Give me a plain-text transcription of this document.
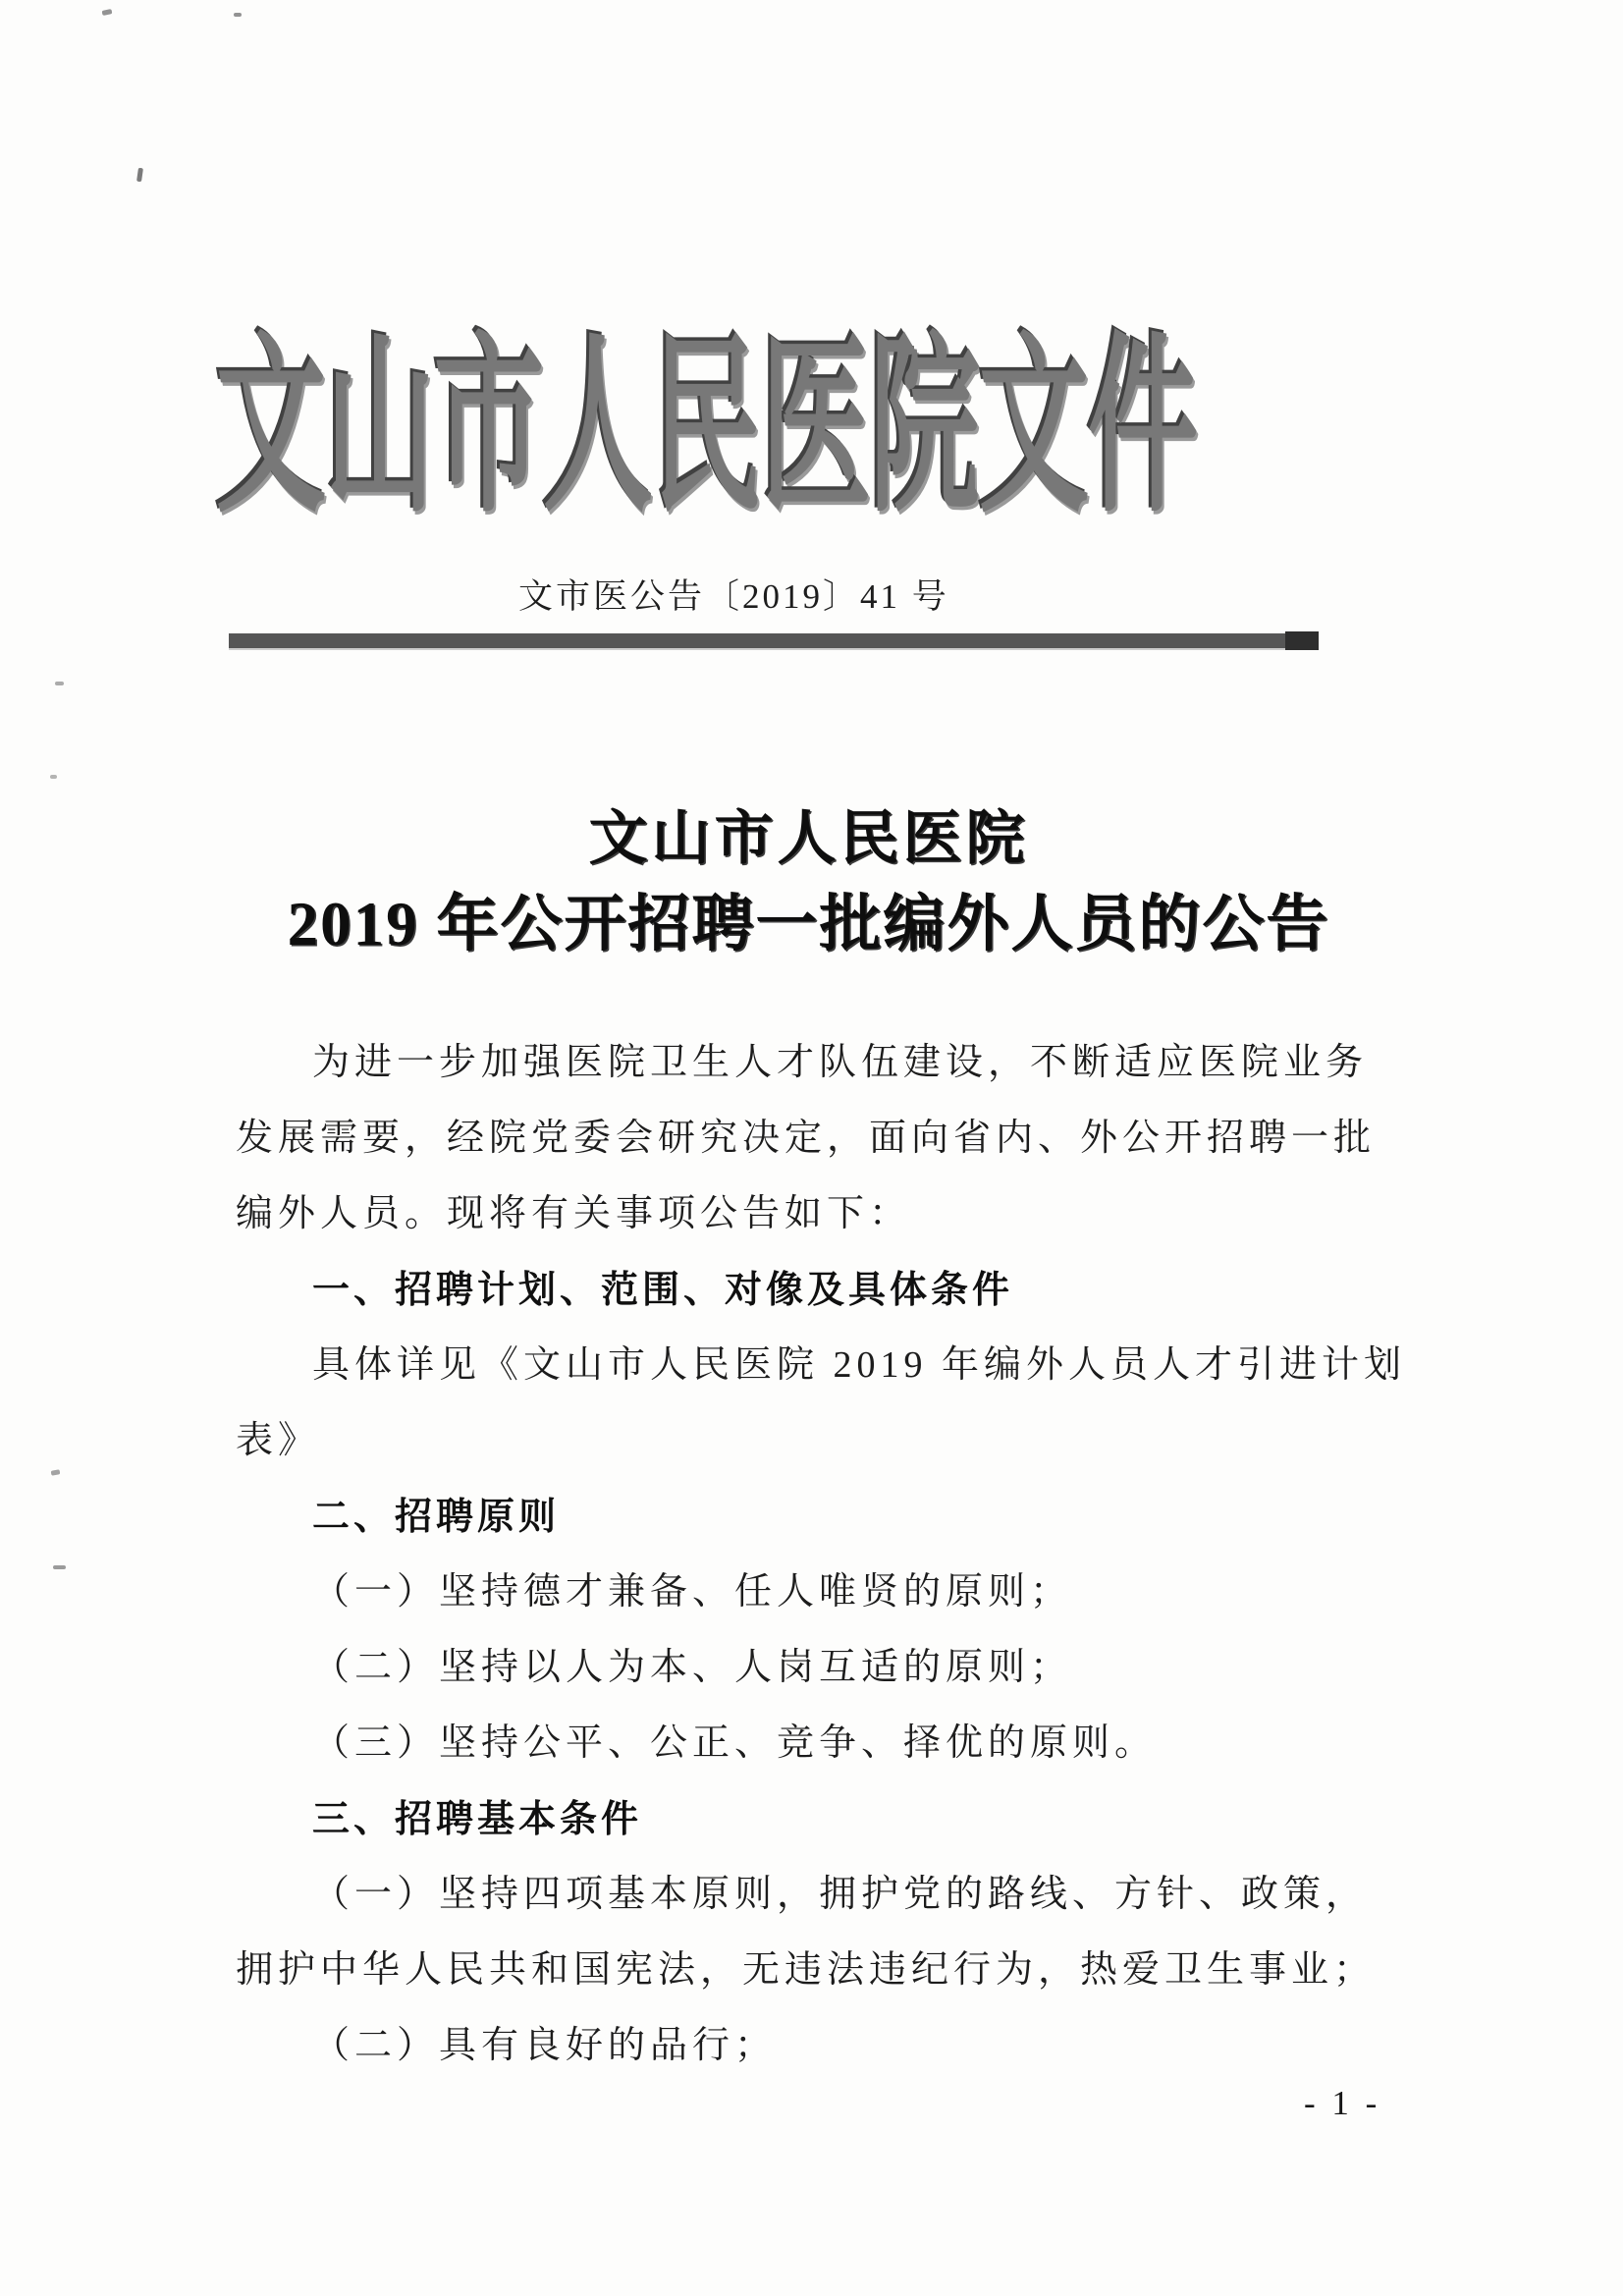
文山市人民医院文件
文市医公告〔2019〕41 号
文山市人民医院
2019 年公开招聘一批编外人员的公告
为进一步加强医院卫生人才队伍建设，不断适应医院业务
发展需要，经院党委会研究决定，面向省内、外公开招聘一批
编外人员。现将有关事项公告如下：
一、招聘计划、范围、对像及具体条件
具体详见《文山市人民医院 2019 年编外人员人才引进计划
表》
二、招聘原则
（一）坚持德才兼备、任人唯贤的原则；
（二）坚持以人为本、人岗互适的原则；
（三）坚持公平、公正、竞争、择优的原则。
三、招聘基本条件
（一）坚持四项基本原则，拥护党的路线、方针、政策，
拥护中华人民共和国宪法，无违法违纪行为，热爱卫生事业；
（二）具有良好的品行；
- 1 -
